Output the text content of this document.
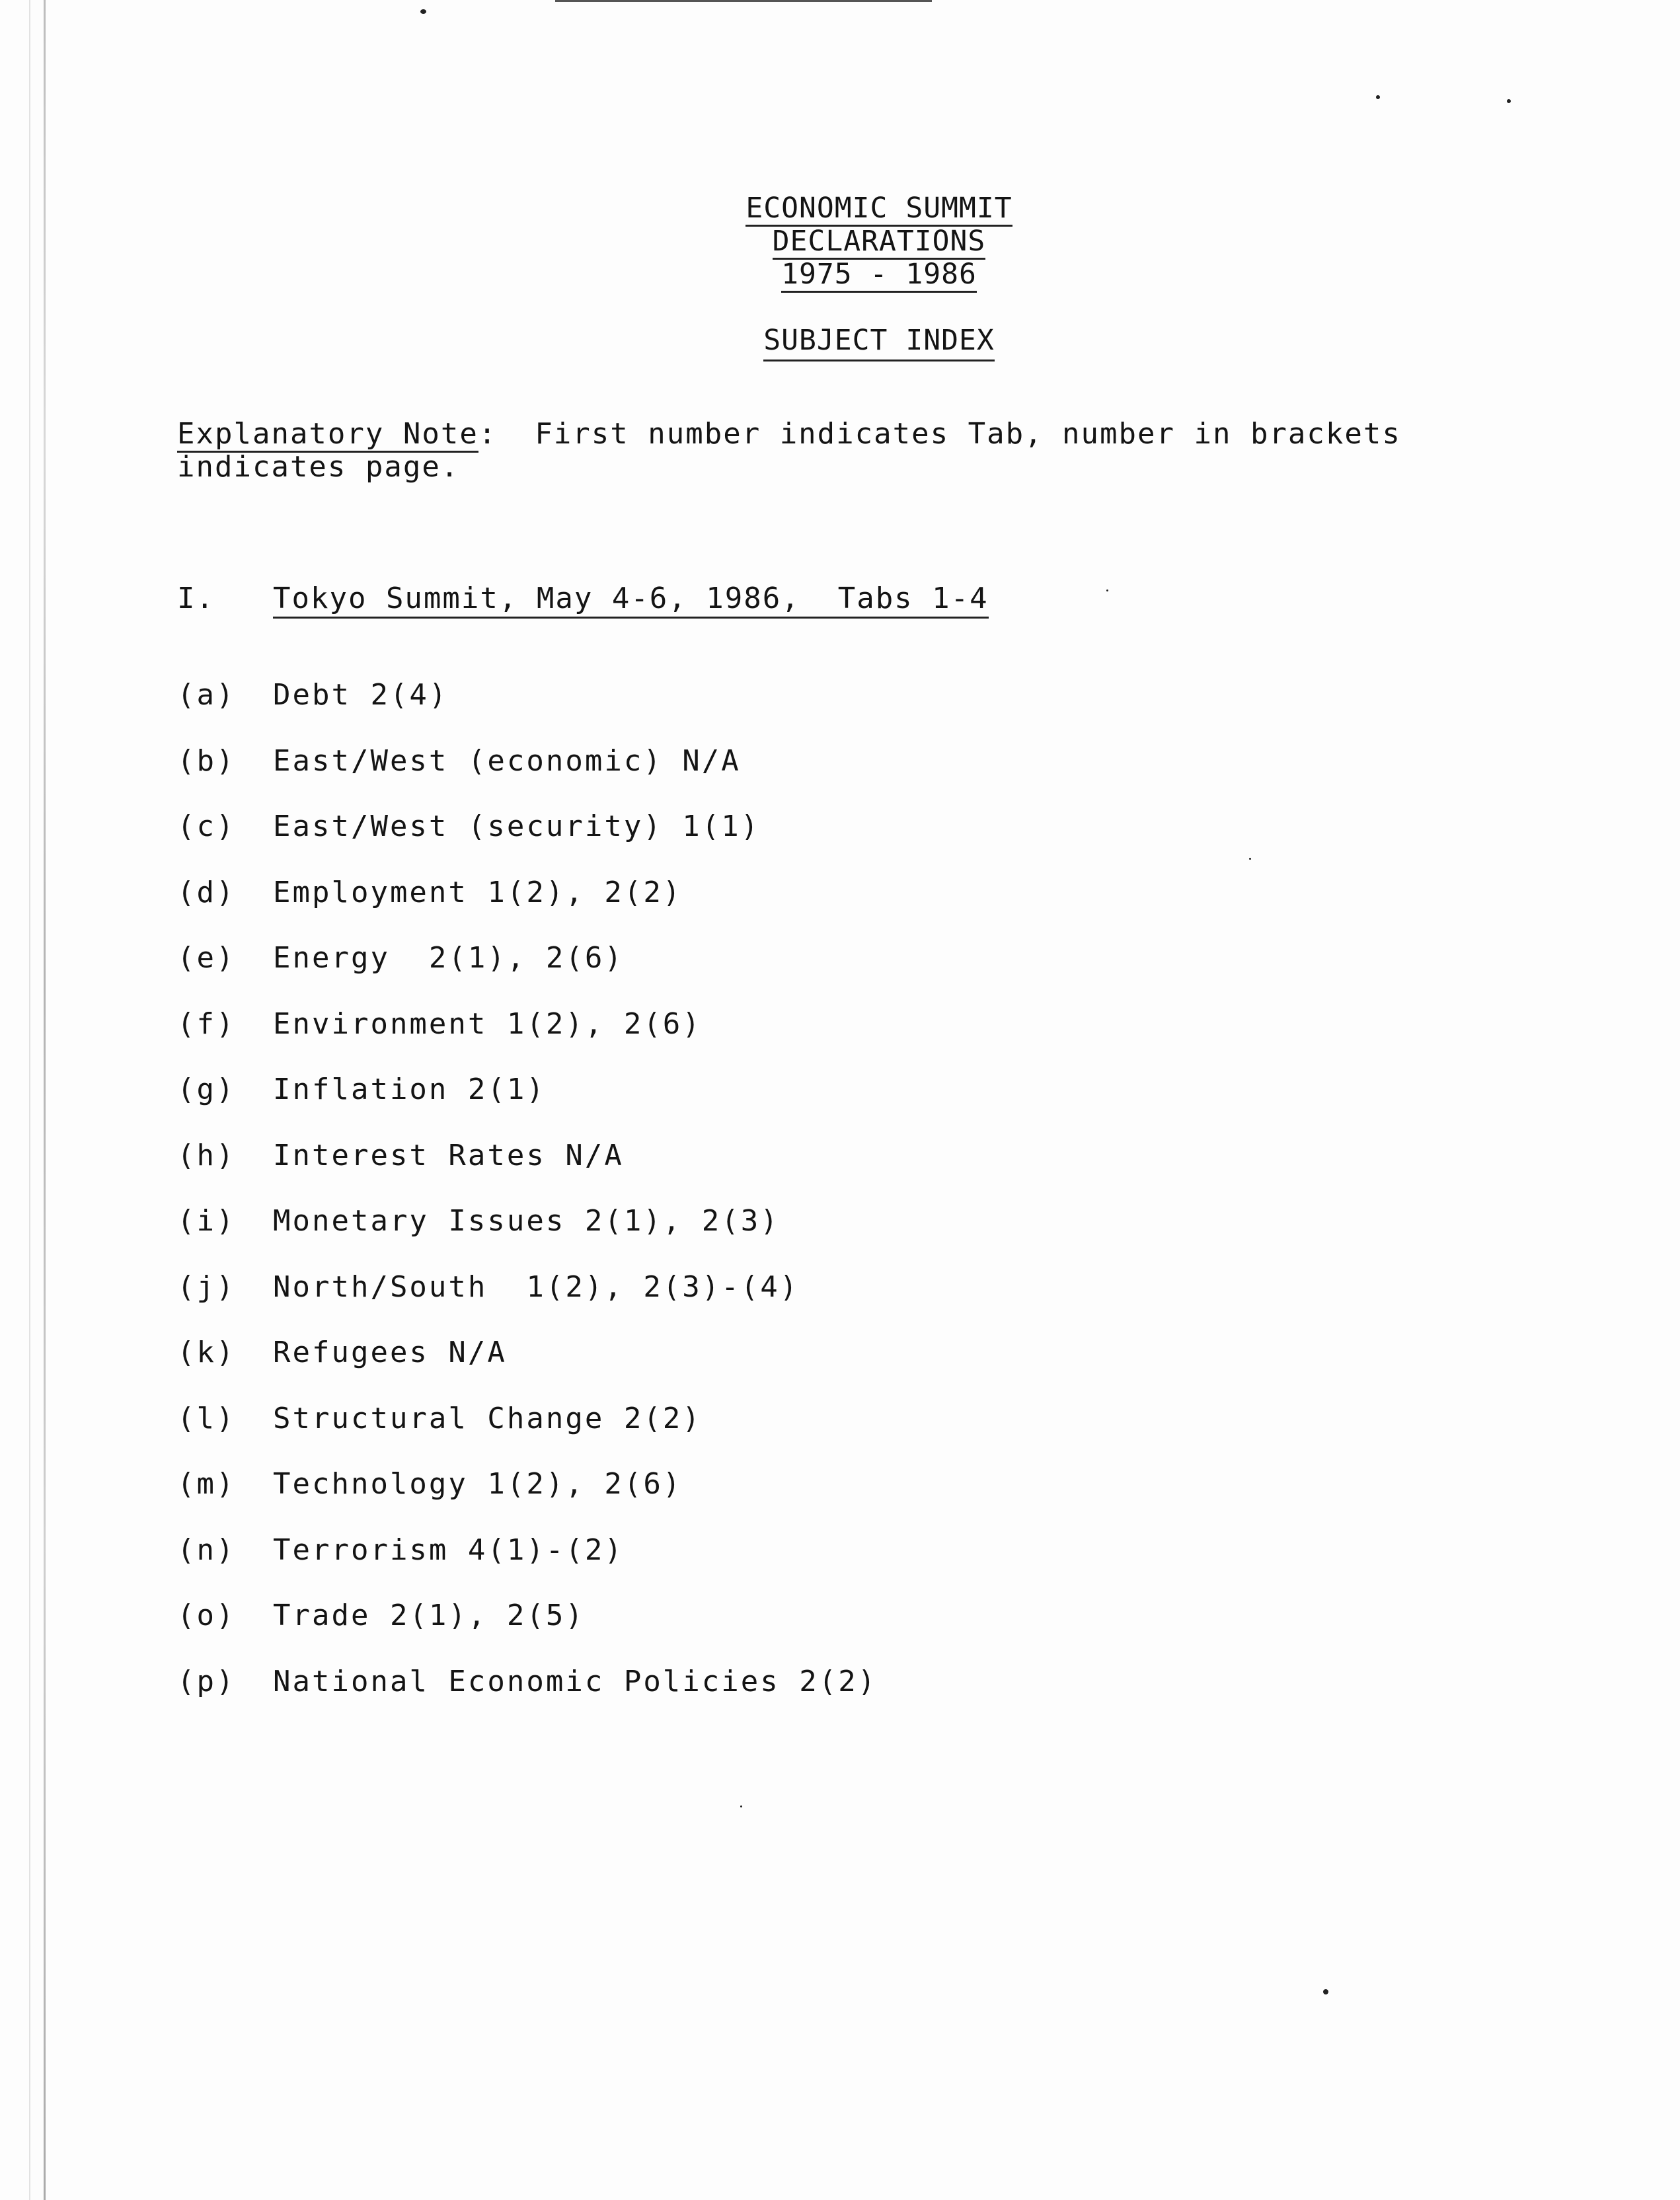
ECONOMIC SUMMIT
DECLARATIONS
1975 - 1986
SUBJECT INDEX
Explanatory Note:  First number indicates Tab, number in brackets
indicates page.
I. Tokyo Summit, May 4-6, 1986,  Tabs 1-4
(a) Debt 2(4)
(b) East/West (economic) N/A
(c) East/West (security) 1(1)
(d) Employment 1(2), 2(2)
(e) Energy  2(1), 2(6)
(f) Environment 1(2), 2(6)
(g) Inflation 2(1)
(h) Interest Rates N/A
(i) Monetary Issues 2(1), 2(3)
(j) North/South  1(2), 2(3)-(4)
(k) Refugees N/A
(l) Structural Change 2(2)
(m) Technology 1(2), 2(6)
(n) Terrorism 4(1)-(2)
(o) Trade 2(1), 2(5)
(p) National Economic Policies 2(2)
